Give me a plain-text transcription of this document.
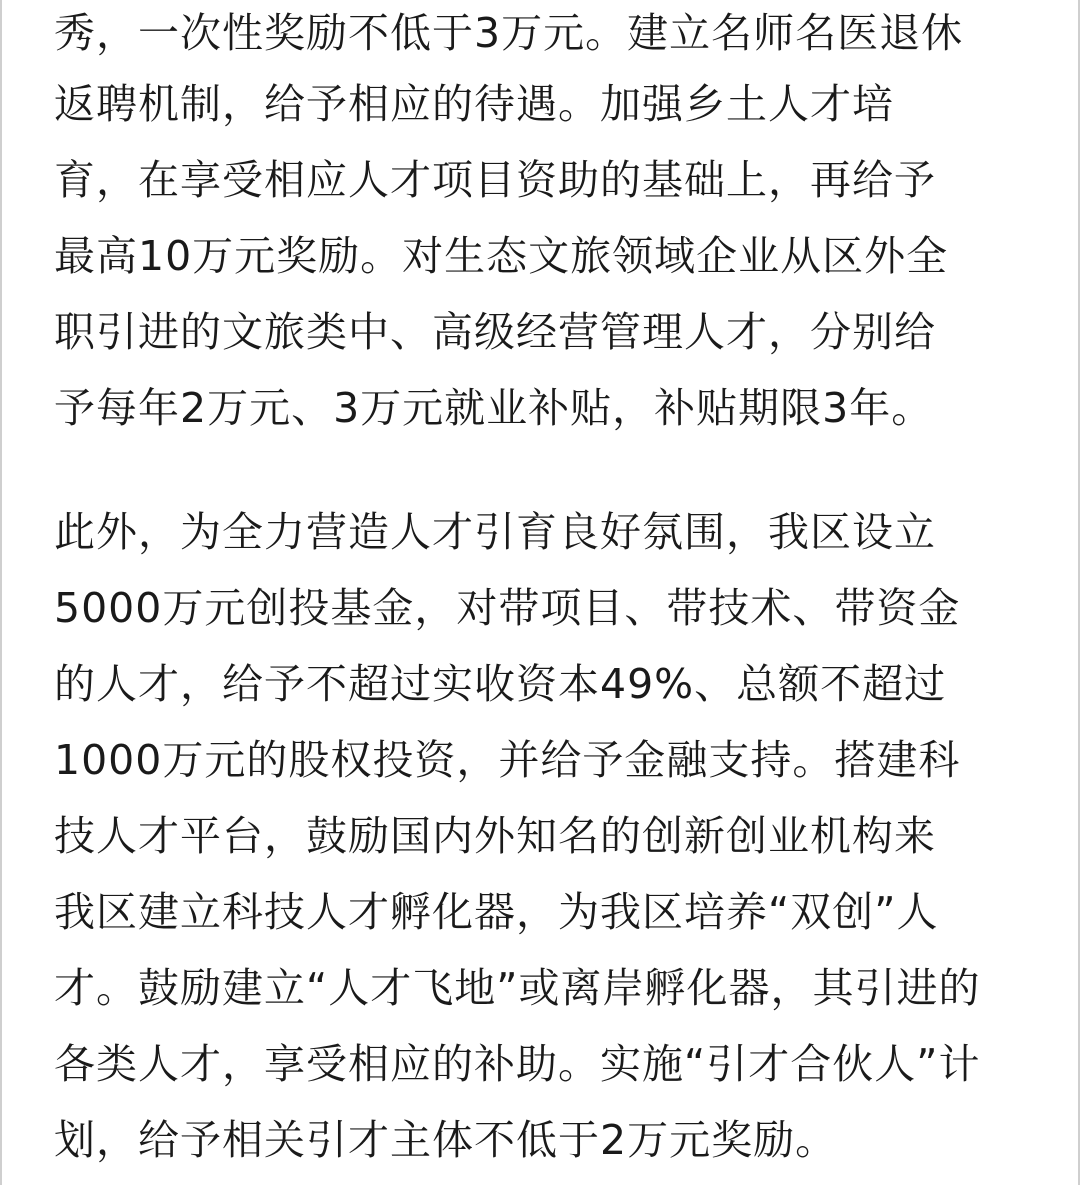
秀，一次性奖励不低于3万元。建立名师名医退休
返聘机制，给予相应的待遇。加强乡土人才培
育，在享受相应人才项目资助的基础上，再给予
最高10万元奖励。对生态文旅领域企业从区外全
职引进的文旅类中、高级经营管理人才，分别给
予每年2万元、3万元就业补贴，补贴期限3年。

此外，为全力营造人才引育良好氛围，我区设立
5000万元创投基金，对带项目、带技术、带资金
的人才，给予不超过实收资本49%、总额不超过
1000万元的股权投资，并给予金融支持。搭建科
技人才平台，鼓励国内外知名的创新创业机构来
我区建立科技人才孵化器，为我区培养“双创”人
才。鼓励建立“人才飞地”或离岸孵化器，其引进的
各类人才，享受相应的补助。实施“引才合伙人”计
划，给予相关引才主体不低于2万元奖励。
